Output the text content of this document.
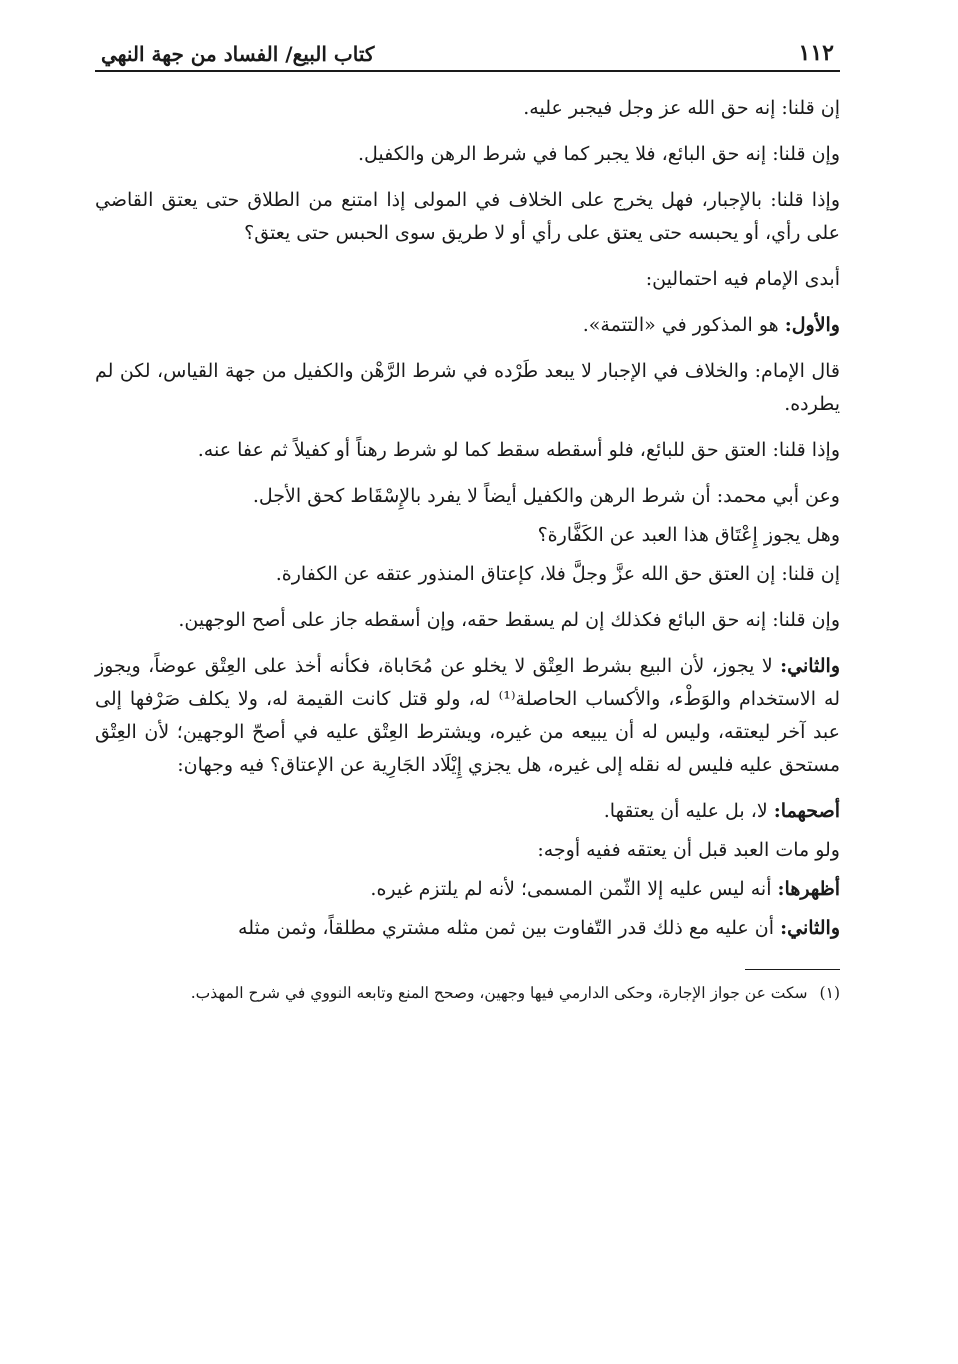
١١٢
كتاب البيع/ الفساد من جهة النهي

إن قلنا: إنه حق الله عز وجل فيجبر عليه.

وإن قلنا: إنه حق البائع، فلا يجبر كما في شرط الرهن والكفيل.

وإذا قلنا: بالإجبار، فهل يخرج على الخلاف في المولى إذا امتنع من الطلاق حتى يعتق القاضي على رأي، أو يحبسه حتى يعتق على رأي أو لا طريق سوى الحبس حتى يعتق؟

أبدى الإمام فيه احتمالين:

والأول: هو المذكور في «التتمة».

قال الإمام: والخلاف في الإجبار لا يبعد طَرْده في شرط الرَّهْن والكفيل من جهة القياس، لكن لم يطرده.

وإذا قلنا: العتق حق للبائع، فلو أسقطه سقط كما لو شرط رهناً أو كفيلاً ثم عفا عنه.

وعن أبي محمد: أن شرط الرهن والكفيل أيضاً لا يفرد بالإِسْقَاط كحق الأجل.

وهل يجوز إِعْتَاق هذا العبد عن الكَفَّارة؟

إن قلنا: إن العتق حق الله عزَّ وجلَّ فلا، كإعتاق المنذور عتقه عن الكفارة.

وإن قلنا: إنه حق البائع فكذلك إن لم يسقط حقه، وإن أسقطه جاز على أصح الوجهين.

والثاني: لا يجوز، لأن البيع بشرط العِتْق لا يخلو عن مُحَاباة، فكأنه أخذ على العِتْق عوضاً، ويجوز له الاستخدام والوَطْء، والأكساب الحاصلة⁽¹⁾ له، ولو قتل كانت القيمة له، ولا يكلف صَرْفها إلى عبد آخر ليعتقه، وليس له أن يبيعه من غيره، ويشترط العِتْق عليه في أصحّ الوجهين؛ لأن العِتْق مستحق عليه فليس له نقله إلى غيره، هل يجزي إِيْلَاد الجَارِية عن الإعتاق؟ فيه وجهان:

أصحهما: لا، بل عليه أن يعتقها.

ولو مات العبد قبل أن يعتقه ففيه أوجه:

أظهرها: أنه ليس عليه إلا الثّمن المسمى؛ لأنه لم يلتزم غيره.

والثاني: أن عليه مع ذلك قدر التّفاوت بين ثمن مثله مشتري مطلقاً، وثمن مثله

(١)
سكت عن جواز الإجارة، وحكى الدارمي فيها وجهين، وصحح المنع وتابعه النووي في شرح المهذب.
